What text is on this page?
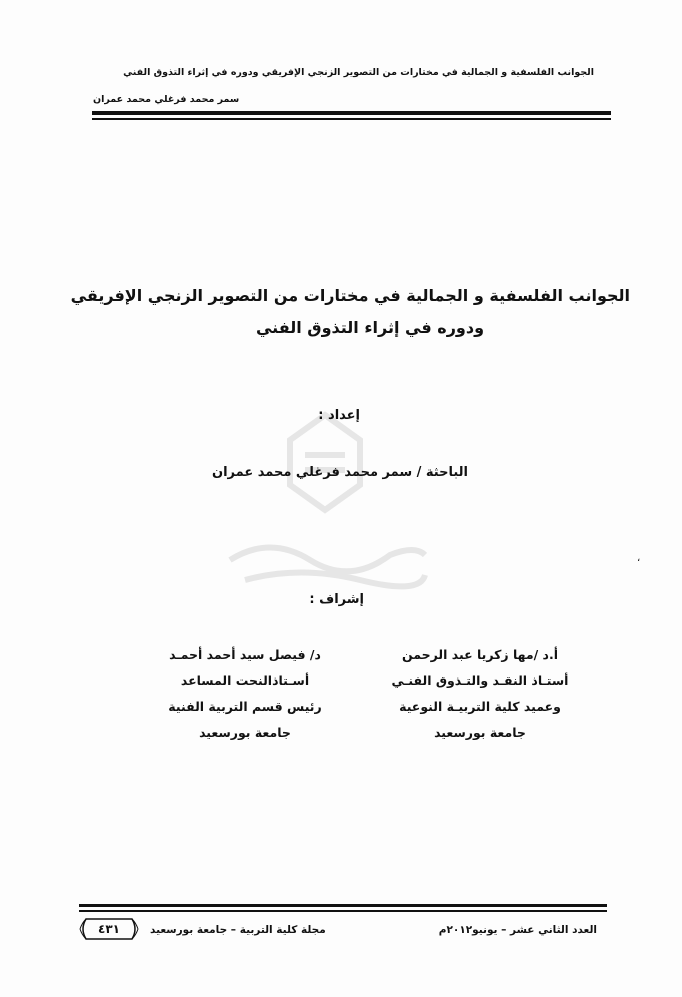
الجوانب الفلسفية و الجمالية في مختارات من التصوير الزنجي الإفريقي ودوره في إثراء التذوق الفني
سمر محمد فرغلي محمد عمران
الجوانب الفلسفية و الجمالية في مختارات من التصوير الزنجي الإفريقي
ودوره في إثراء التذوق الفني
إعداد :
الباحثة / سمر محمد فرغلي محمد عمران
إشراف :
،
أ.د /مها زكريا عبد الرحمن
أستـاذ النقـد والتـذوق الفنـي
وعميد كلية التربيـة النوعية
جامعة بورسعيد
د/ فيصل سيد أحمد أحمـد
أسـتاذالنحت المساعد
رئيس قسم التربية الفنية
جامعة بورسعيد
العدد الثاني عشر – يونيو٢٠١٢م
مجلة كلية التربية – جامعة بورسعيد
٤٣١
